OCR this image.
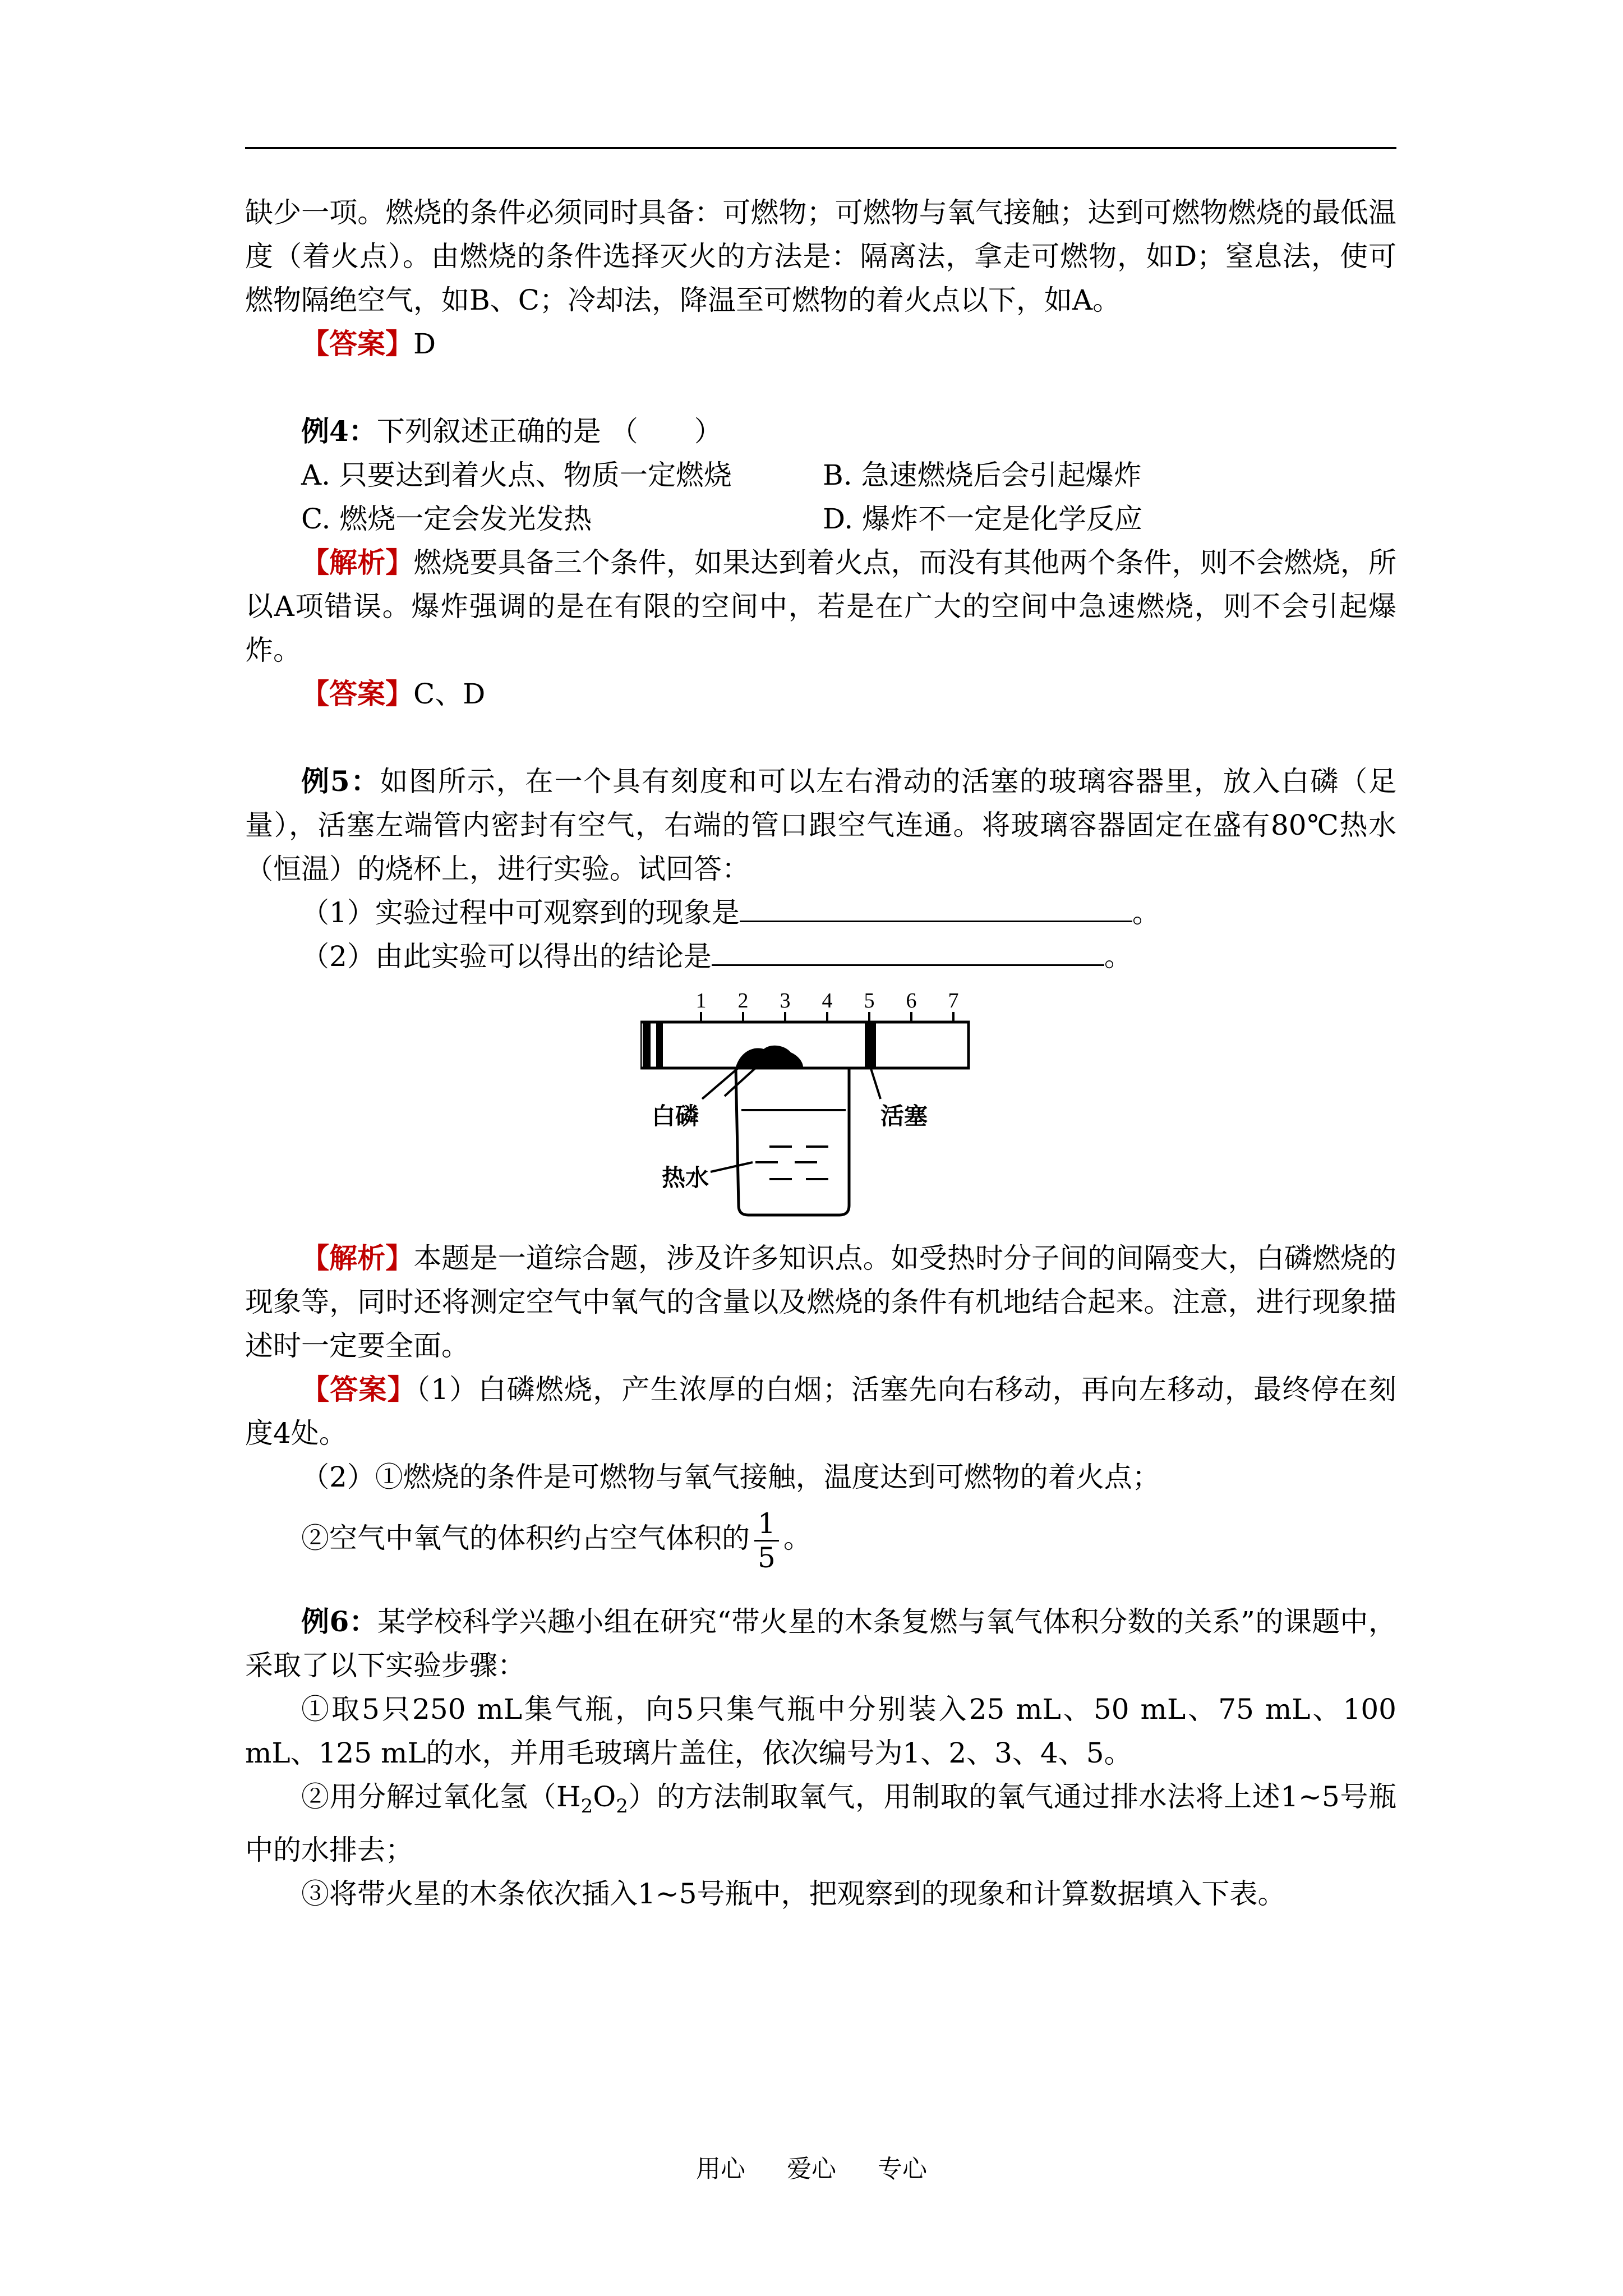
缺少一项。燃烧的条件必须同时具备：可燃物；可燃物与氧气接触；达到可燃物燃烧的最低温度（着火点）。由燃烧的条件选择灭火的方法是：隔离法，拿走可燃物，如D；窒息法，使可燃物隔绝空气，如B、C；冷却法，降温至可燃物的着火点以下，如A。

【答案】D

例4：下列叙述正确的是 （　　）

A. 只要达到着火点、物质一定燃烧	B. 急速燃烧后会引起爆炸
C. 燃烧一定会发光发热	D. 爆炸不一定是化学反应

【解析】燃烧要具备三个条件，如果达到着火点，而没有其他两个条件，则不会燃烧，所以A项错误。爆炸强调的是在有限的空间中，若是在广大的空间中急速燃烧，则不会引起爆炸。

【答案】C、D

例5：如图所示，在一个具有刻度和可以左右滑动的活塞的玻璃容器里，放入白磷（足量），活塞左端管内密封有空气，右端的管口跟空气连通。将玻璃容器固定在盛有80℃热水（恒温）的烧杯上，进行实验。试回答：

（1）实验过程中可观察到的现象是	。

（2）由此实验可以得出的结论是	。

1 2 3 4 5 6 7
白磷	活塞
热水

【解析】本题是一道综合题，涉及许多知识点。如受热时分子间的间隔变大，白磷燃烧的现象等，同时还将测定空气中氧气的含量以及燃烧的条件有机地结合起来。注意，进行现象描述时一定要全面。

【答案】（1）白磷燃烧，产生浓厚的白烟；活塞先向右移动，再向左移动，最终停在刻度4处。

（2）①燃烧的条件是可燃物与氧气接触，温度达到可燃物的着火点；

②空气中氧气的体积约占空气体积的 $\frac{1}{5}$ 。

例6：某学校科学兴趣小组在研究“带火星的木条复燃与氧气体积分数的关系”的课题中，采取了以下实验步骤：

①取5只250 mL集气瓶，向5只集气瓶中分别装入25 mL、50 mL、75 mL、100 mL、125 mL的水，并用毛玻璃片盖住，依次编号为1、2、3、4、5。

②用分解过氧化氢$(H_2O_2)$的方法制取氧气，用制取的氧气通过排水法将上述1~5号瓶中的水排去；

③将带火星的木条依次插入1~5号瓶中，把观察到的现象和计算数据填入下表。

用心 爱心 专心
